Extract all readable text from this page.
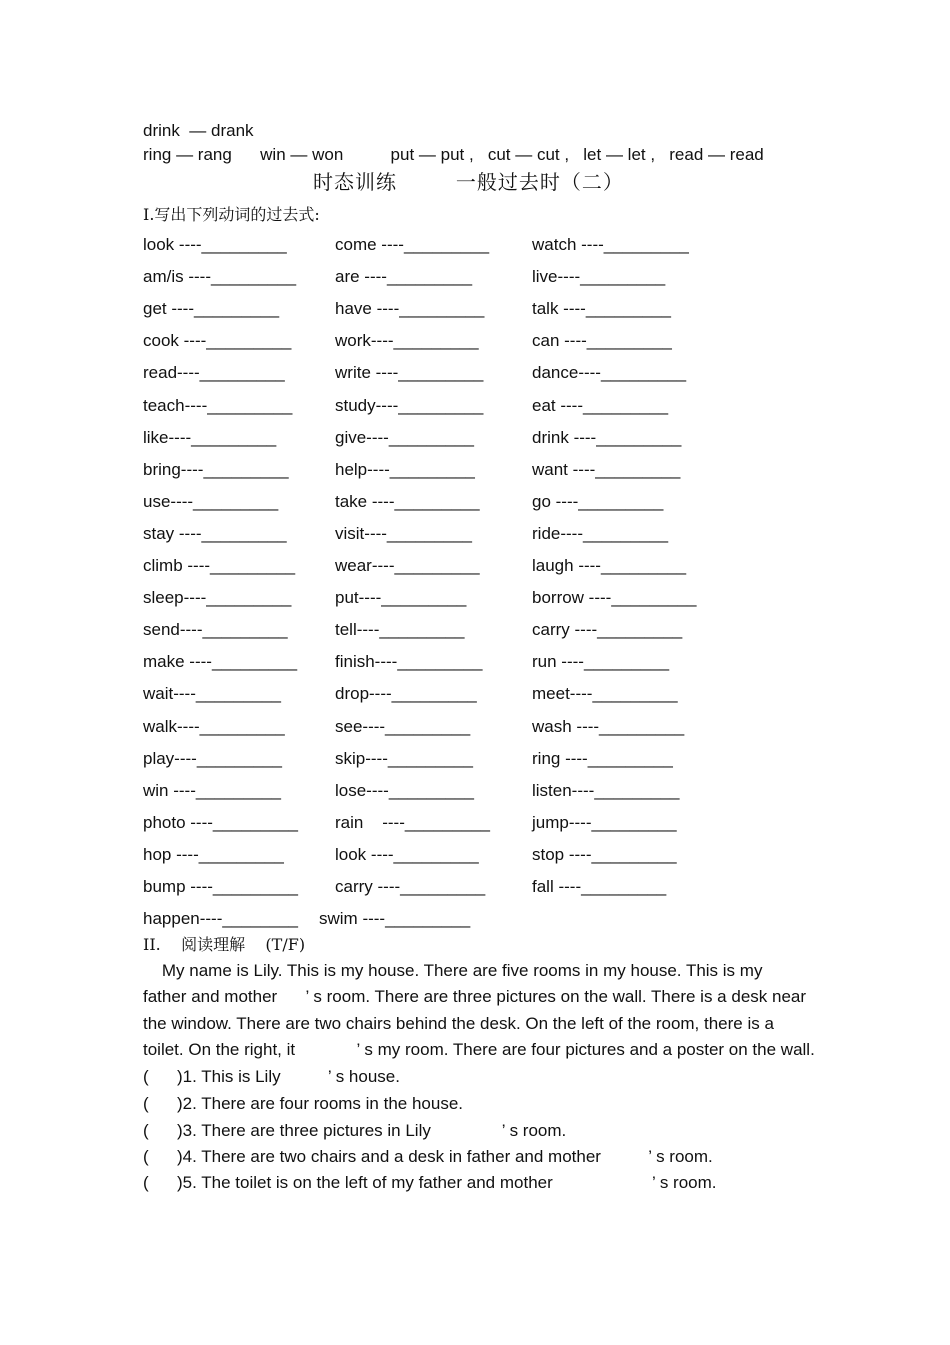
drink  — drank
ring — rang      win — won          put — put ,   cut — cut ,   let — let ,   read — read
时态训练        一般过去时（二）
I.写出下列动词的过去式:
look ----_________	come ----_________	watch ----_________
am/is ----_________ are ----_________	live----_________
get ----_________	have ----_________	talk ----_________
cook ----_________	work----_________	can ----_________
read----_________	write ----_________	dance----_________
teach----_________	study----_________	eat ----_________
like----_________	give----_________	drink ----_________
bring----_________	help----_________	want ----_________
use----_________	take ----_________	go ----_________
stay ----_________	visit----_________	ride----_________
climb ----_________ wear----_________	laugh ----_________
sleep----_________	put----_________	borrow ----_________
send----_________	tell----_________	carry ----_________
make ----_________ finish----_________	run ----_________
wait----_________	drop----_________	meet----_________
walk----_________	see----_________	wash ----_________
play----_________	skip----_________	ring ----_________
win ----_________	lose----_________	listen----_________
photo ----_________ rain    ----_________ jump----_________
hop ----_________	look ----_________	stop ----_________
bump ----_________ carry ----_________	fall ----_________
happen----________ swim ----_________
II.    阅读理解    (T/F)
My name is Lily. This is my house. There are five rooms in my house. This is my
father and mother      ’ s room. There are three pictures on the wall. There is a desk near
the window. There are two chairs behind the desk. On the left of the room, there is a
toilet. On the right, it             ’ s my room. There are four pictures and a poster on the wall.
(      )1. This is Lily          ’ s house.
(      )2. There are four rooms in the house.
(      )3. There are three pictures in Lily               ’ s room.
(      )4. There are two chairs and a desk in father and mother          ’ s room.
(      )5. The toilet is on the left of my father and mother                     ’ s room.
